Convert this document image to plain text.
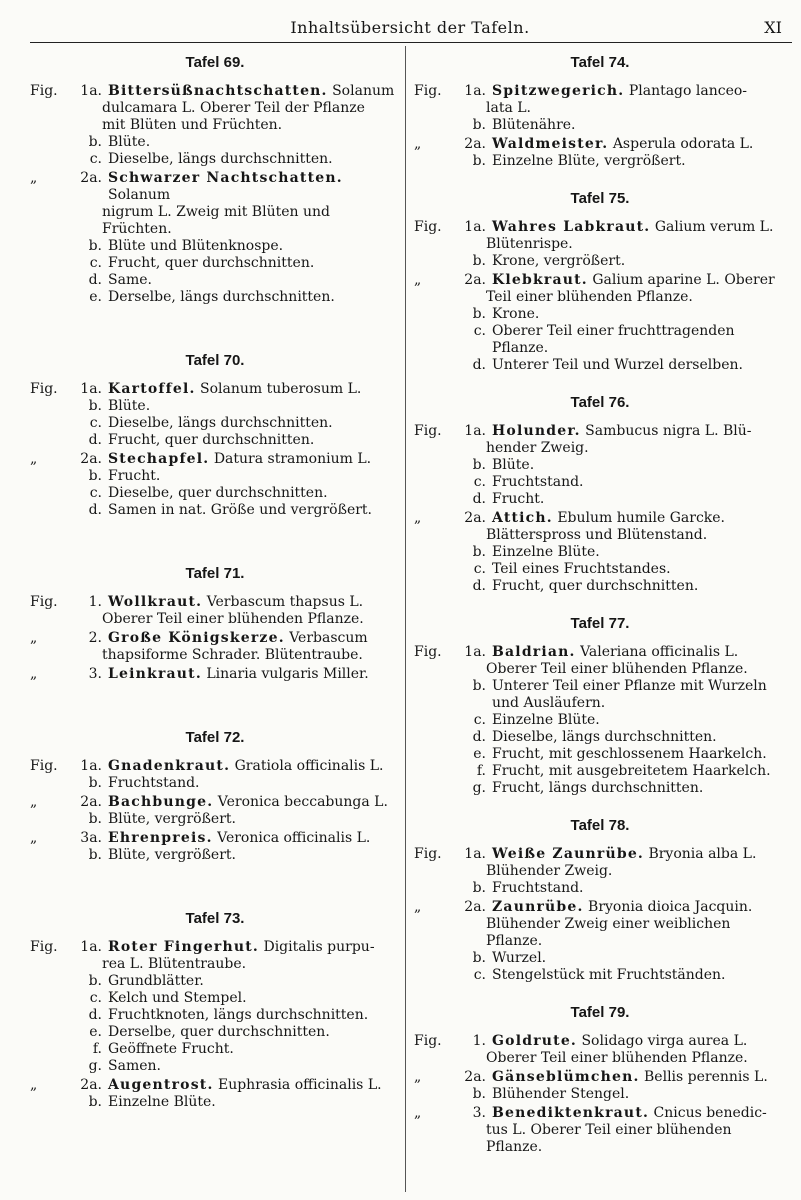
Inhaltsübersicht der Tafeln.	XI
Tafel 69.
Fig.	1a. Bittersüßnachtschatten. Solanum
dulcamara L. Oberer Teil der Pflanze
mit Blüten und Früchten.
b. Blüte.
c. Dieselbe, längs durchschnitten.
„	2a. Schwarzer Nachtschatten. Solanum
nigrum L. Zweig mit Blüten und
Früchten.
b. Blüte und Blütenknospe.
c. Frucht, quer durchschnitten.
d. Same.
e. Derselbe, längs durchschnitten.
Tafel 70.
Fig.	1a. Kartoffel. Solanum tuberosum L.
b. Blüte.
c. Dieselbe, längs durchschnitten.
d. Frucht, quer durchschnitten.
„	2a. Stechapfel. Datura stramonium L.
b. Frucht.
c. Dieselbe, quer durchschnitten.
d. Samen in nat. Größe und vergrößert.
Tafel 71.
Fig.	1. Wollkraut. Verbascum thapsus L.
Oberer Teil einer blühenden Pflanze.
„	2. Große Königskerze. Verbascum
thapsiforme Schrader. Blütentraube.
„	3. Leinkraut. Linaria vulgaris Miller.
Tafel 72.
Fig.	1a. Gnadenkraut. Gratiola officinalis L.
b. Fruchtstand.
„	2a. Bachbunge. Veronica beccabunga L.
b. Blüte, vergrößert.
„	3a. Ehrenpreis. Veronica officinalis L.
b. Blüte, vergrößert.
Tafel 73.
Fig.	1a. Roter Fingerhut. Digitalis purpu-
rea L. Blütentraube.
b. Grundblätter.
c. Kelch und Stempel.
d. Fruchtknoten, längs durchschnitten.
e. Derselbe, quer durchschnitten.
f. Geöffnete Frucht.
g. Samen.
„	2a. Augentrost. Euphrasia officinalis L.
b. Einzelne Blüte.
Tafel 74.
Fig.	1a. Spitzwegerich. Plantago lanceo-
lata L.
b. Blütenähre.
„	2a. Waldmeister. Asperula odorata L.
b. Einzelne Blüte, vergrößert.
Tafel 75.
Fig.	1a. Wahres Labkraut. Galium verum L.
Blütenrispe.
b. Krone, vergrößert.
„	2a. Klebkraut. Galium aparine L. Oberer
Teil einer blühenden Pflanze.
b. Krone.
c. Oberer Teil einer fruchttragenden Pflanze.
d. Unterer Teil und Wurzel derselben.
Tafel 76.
Fig.	1a. Holunder. Sambucus nigra L. Blü-
hender Zweig.
b. Blüte.
c. Fruchtstand.
d. Frucht.
„	2a. Attich. Ebulum humile Garcke.
Blätterspross und Blütenstand.
b. Einzelne Blüte.
c. Teil eines Fruchtstandes.
d. Frucht, quer durchschnitten.
Tafel 77.
Fig.	1a. Baldrian. Valeriana officinalis L.
Oberer Teil einer blühenden Pflanze.
b. Unterer Teil einer Pflanze mit Wurzeln
und Ausläufern.
c. Einzelne Blüte.
d. Dieselbe, längs durchschnitten.
e. Frucht, mit geschlossenem Haarkelch.
f. Frucht, mit ausgebreitetem Haarkelch.
g. Frucht, längs durchschnitten.
Tafel 78.
Fig.	1a. Weiße Zaunrübe. Bryonia alba L.
Blühender Zweig.
b. Fruchtstand.
„	2a. Zaunrübe. Bryonia dioica Jacquin.
Blühender Zweig einer weiblichen Pflanze.
b. Wurzel.
c. Stengelstück mit Fruchtständen.
Tafel 79.
Fig.	1. Goldrute. Solidago virga aurea L.
Oberer Teil einer blühenden Pflanze.
„	2a. Gänseblümchen. Bellis perennis L.
b. Blühender Stengel.
„	3. Benediktenkraut. Cnicus benedic-
tus L. Oberer Teil einer blühenden Pflanze.
